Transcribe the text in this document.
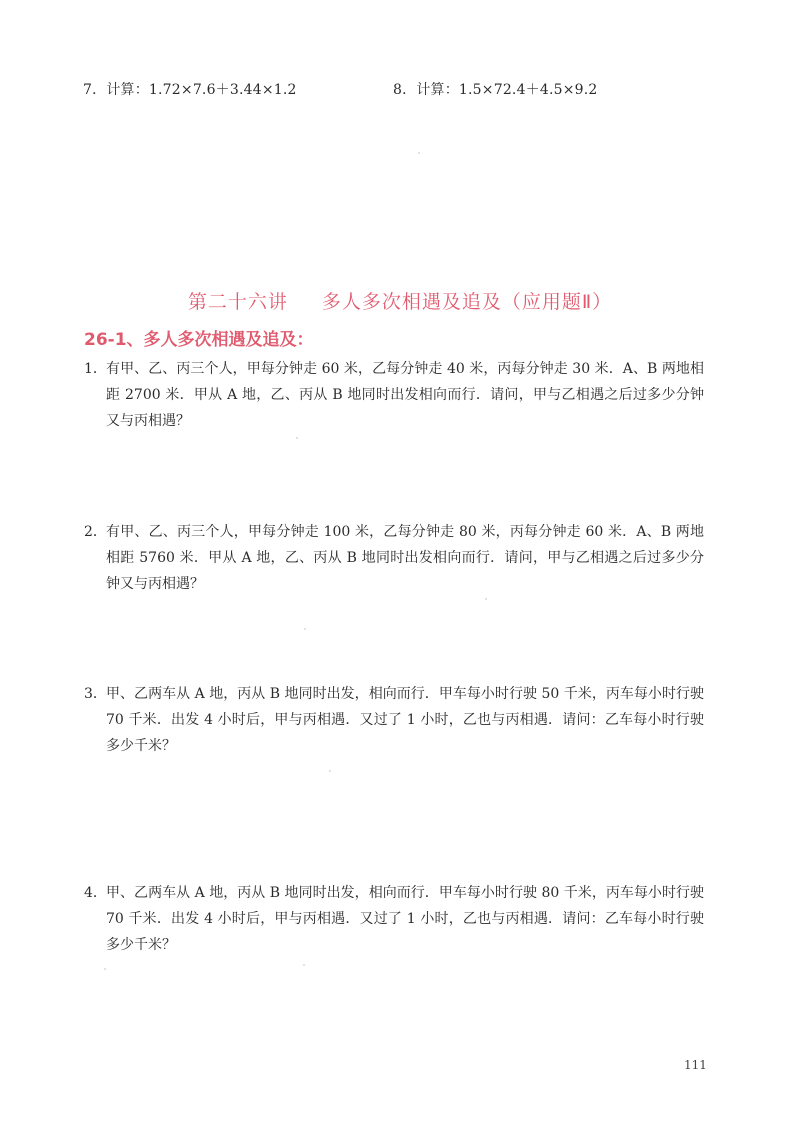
7．计算：1.72×7.6＋3.44×1.2	8．计算：1.5×72.4＋4.5×9.2
第二十六讲 多人多次相遇及追及（应用题Ⅱ）
26-1、多人多次相遇及追及：
1． 有甲、乙、丙三个人，甲每分钟走 60 米，乙每分钟走 40 米，丙每分钟走 30 米．A、B 两地相距 2700 米．甲从 A 地，乙、丙从 B 地同时出发相向而行．请问，甲与乙相遇之后过多少分钟又与丙相遇？
2． 有甲、乙、丙三个人，甲每分钟走 100 米，乙每分钟走 80 米，丙每分钟走 60 米．A、B 两地相距 5760 米．甲从 A 地，乙、丙从 B 地同时出发相向而行．请问，甲与乙相遇之后过多少分钟又与丙相遇？
3． 甲、乙两车从 A 地，丙从 B 地同时出发，相向而行．甲车每小时行驶 50 千米，丙车每小时行驶 70 千米．出发 4 小时后，甲与丙相遇．又过了 1 小时，乙也与丙相遇．请问：乙车每小时行驶多少千米？
4． 甲、乙两车从 A 地，丙从 B 地同时出发，相向而行．甲车每小时行驶 80 千米，丙车每小时行驶 70 千米．出发 4 小时后，甲与丙相遇．又过了 1 小时，乙也与丙相遇．请问：乙车每小时行驶多少千米？
111
